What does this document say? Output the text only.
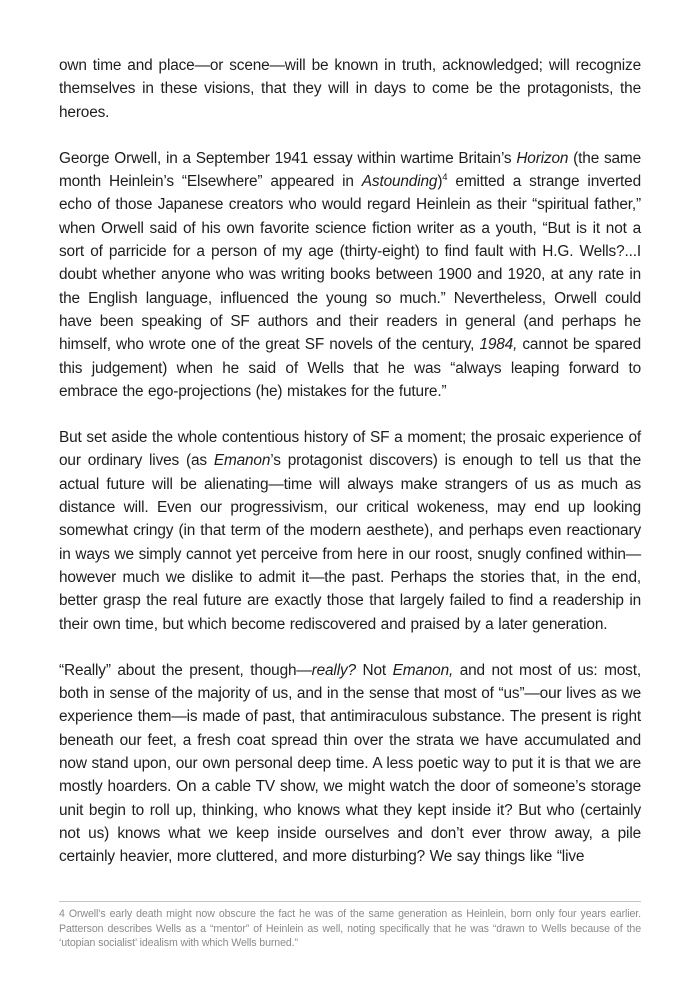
own time and place—or scene—will be known in truth, acknowledged; will recognize themselves in these visions, that they will in days to come be the protagonists, the heroes.

George Orwell, in a September 1941 essay within wartime Britain’s Horizon (the same month Heinlein’s “Elsewhere” appeared in Astounding)$^4$ emitted a strange inverted echo of those Japanese creators who would regard Heinlein as their “spiritual father,” when Orwell said of his own favorite science fiction writer as a youth, “But is it not a sort of parricide for a person of my age (thirty-eight) to find fault with H.G. Wells?...I doubt whether anyone who was writing books between 1900 and 1920, at any rate in the English language, influenced the young so much.” Nevertheless, Orwell could have been speaking of SF authors and their readers in general (and perhaps he himself, who wrote one of the great SF novels of the century, 1984, cannot be spared this judgement) when he said of Wells that he was “always leaping forward to embrace the ego-projections (he) mistakes for the future.”

But set aside the whole contentious history of SF a moment; the prosaic experience of our ordinary lives (as Emanon’s protagonist discovers) is enough to tell us that the actual future will be alienating—time will always make strangers of us as much as distance will. Even our progressivism, our critical wokeness, may end up looking somewhat cringy (in that term of the modern aesthete), and perhaps even reactionary in ways we simply cannot yet perceive from here in our roost, snugly confined within—however much we dislike to admit it—the past. Perhaps the stories that, in the end, better grasp the real future are exactly those that largely failed to find a readership in their own time, but which become rediscovered and praised by a later generation.

“Really” about the present, though—really? Not Emanon, and not most of us: most, both in sense of the majority of us, and in the sense that most of “us”—our lives as we experience them—is made of past, that antimiraculous substance. The present is right beneath our feet, a fresh coat spread thin over the strata we have accumulated and now stand upon, our own personal deep time. A less poetic way to put it is that we are mostly hoarders. On a cable TV show, we might watch the door of someone’s storage unit begin to roll up, thinking, who knows what they kept inside it? But who (certainly not us) knows what we keep inside ourselves and don’t ever throw away, a pile certainly heavier, more cluttered, and more disturbing? We say things like “live

4 Orwell’s early death might now obscure the fact he was of the same generation as Heinlein, born only four years earlier. Patterson describes Wells as a “mentor” of Heinlein as well, noting specifically that he was “drawn to Wells because of the ‘utopian socialist’ idealism with which Wells burned.”
